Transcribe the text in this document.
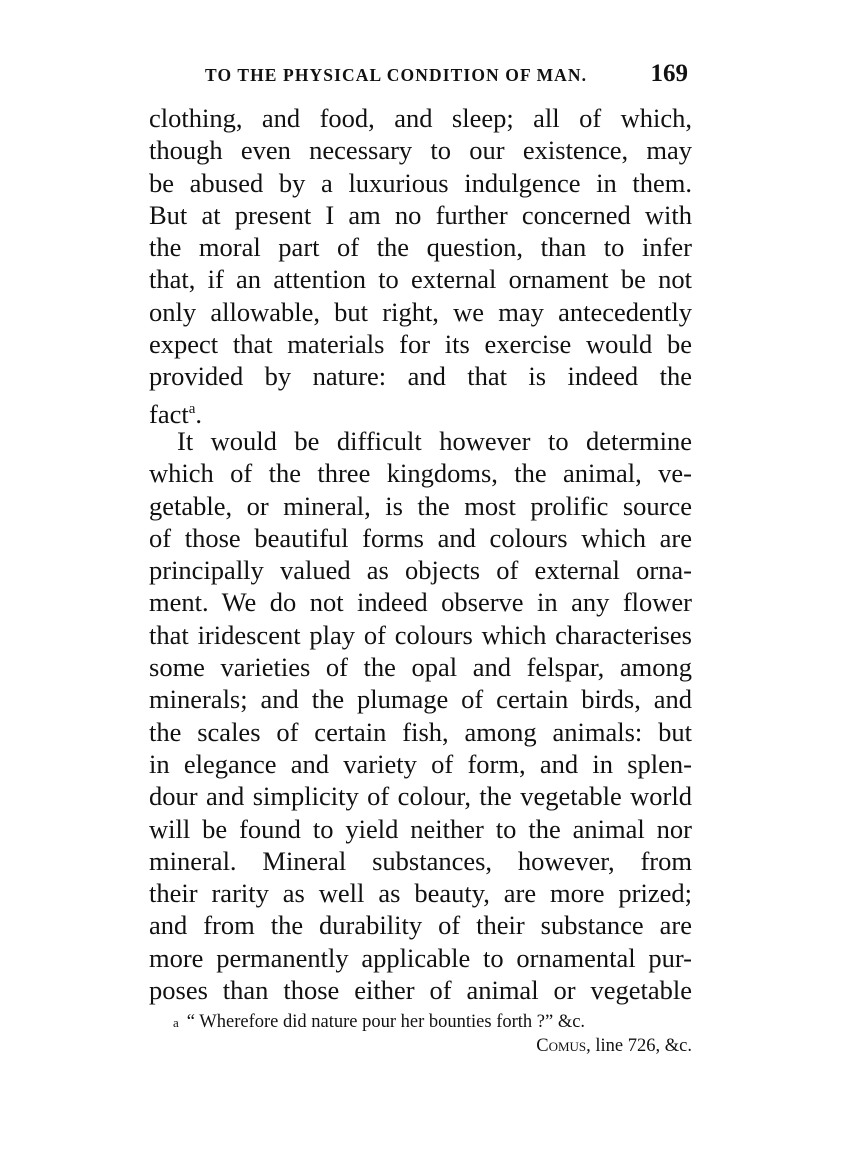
TO THE PHYSICAL CONDITION OF MAN.	169
clothing, and food, and sleep; all of which,
though even necessary to our existence, may
be abused by a luxurious indulgence in them.
But at present I am no further concerned with
the moral part of the question, than to infer
that, if an attention to external ornament be not
only allowable, but right, we may antecedently
expect that materials for its exercise would be
provided by nature: and that is indeed the
fact$^a$.
It would be difficult however to determine
which of the three kingdoms, the animal, ve-
getable, or mineral, is the most prolific source
of those beautiful forms and colours which are
principally valued as objects of external orna-
ment. We do not indeed observe in any flower
that iridescent play of colours which characterises
some varieties of the opal and felspar, among
minerals; and the plumage of certain birds, and
the scales of certain fish, among animals: but
in elegance and variety of form, and in splen-
dour and simplicity of colour, the vegetable world
will be found to yield neither to the animal nor
mineral. Mineral substances, however, from
their rarity as well as beauty, are more prized;
and from the durability of their substance are
more permanently applicable to ornamental pur-
poses than those either of animal or vegetable
a “ Wherefore did nature pour her bounties forth ?” &c.
Comus, line 726, &c.
